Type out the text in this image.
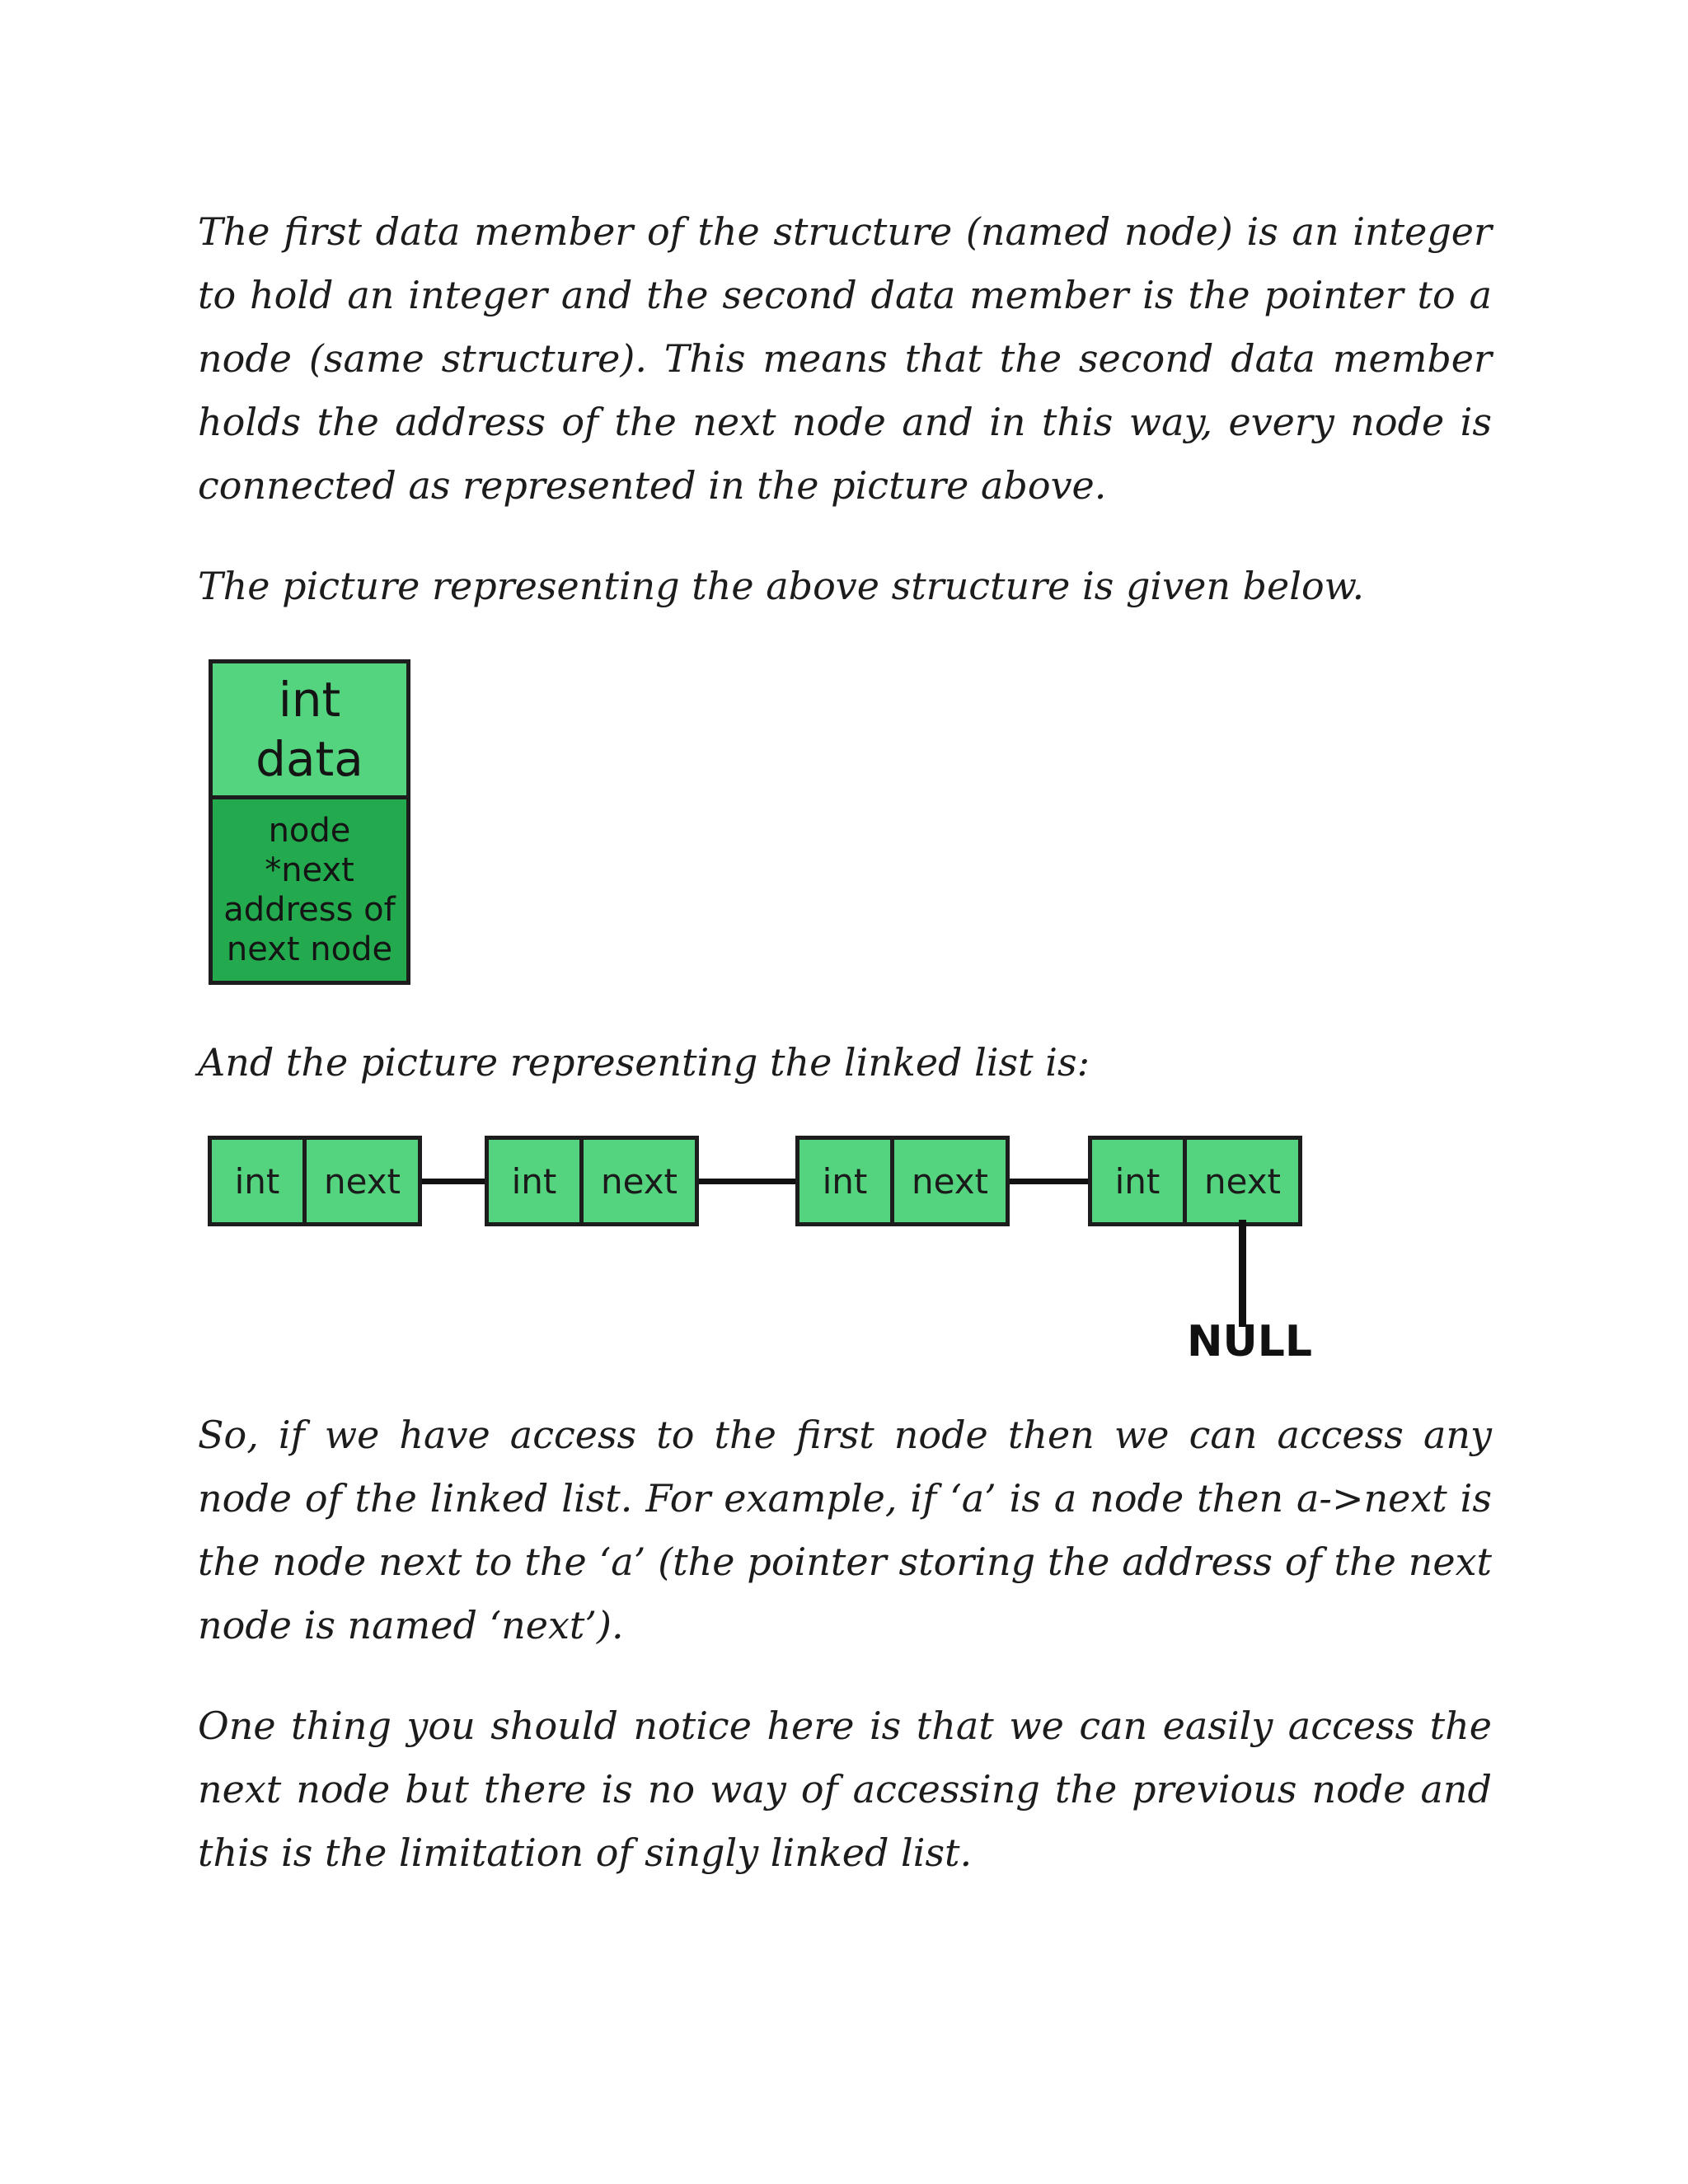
The first data member of the structure (named node) is an integer to hold an integer and the second data member is the pointer to a node (same structure). This means that the second data member holds the address of the next node and in this way, every node is connected as represented in the picture above.

The picture representing the above structure is given below.

int
data
node
*next
address of
next node

And the picture representing the linked list is:

int	next	int	next	int	next	int	next
NULL

So, if we have access to the first node then we can access any node of the linked list. For example, if ‘a’ is a node then a->next is the node next to the ‘a’ (the pointer storing the address of the next node is named ‘next’).

One thing you should notice here is that we can easily access the next node but there is no way of accessing the previous node and this is the limitation of singly linked list.
